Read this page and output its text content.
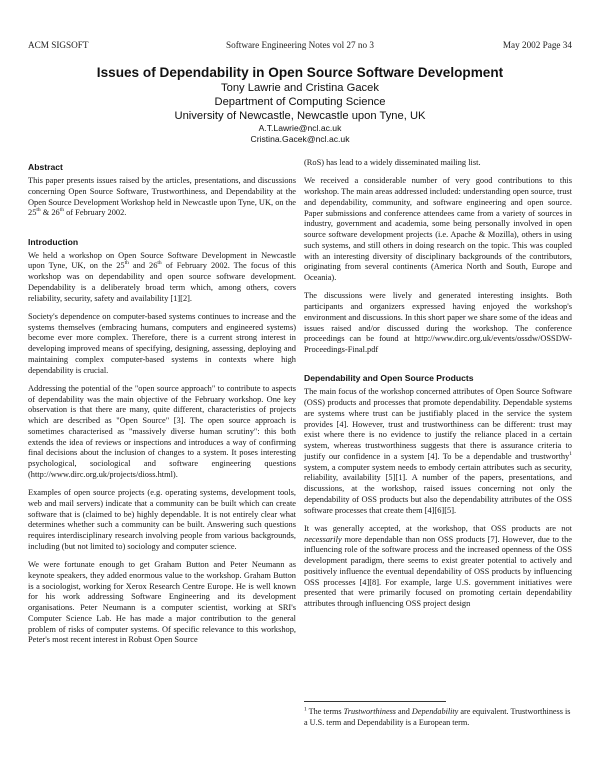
ACM SIGSOFT	Software Engineering Notes vol 27 no 3	May 2002 Page 34
Issues of Dependability in Open Source Software Development
Tony Lawrie and Cristina Gacek
Department of Computing Science
University of Newcastle, Newcastle upon Tyne, UK
A.T.Lawrie@ncl.ac.uk
Cristina.Gacek@ncl.ac.uk
Abstract

This paper presents issues raised by the articles, presentations, and discussions concerning Open Source Software, Trustworthiness, and Dependability at the Open Source Development Workshop held in Newcastle upon Tyne, UK, on the 25th & 26th of February 2002.

Introduction

We held a workshop on Open Source Software Development in Newcastle upon Tyne, UK, on the 25th and 26th of February 2002. The focus of this workshop was on dependability and open source software development. Dependability is a deliberately broad term which, among others, covers reliability, security, safety and availability [1][2].

Society's dependence on computer-based systems continues to increase and the systems themselves (embracing humans, computers and engineered systems) become ever more complex. Therefore, there is a current strong interest in developing improved means of specifying, designing, assessing, deploying and maintaining complex computer-based systems in contexts where high dependability is crucial.

Addressing the potential of the "open source approach" to contribute to aspects of dependability was the main objective of the February workshop. One key observation is that there are many, quite different, characteristics of projects which are described as "Open Source" [3]. The open source approach is sometimes characterised as "massively diverse human scrutiny": this both extends the idea of reviews or inspections and introduces a way of confirming final decisions about the inclusion of changes to a system. It poses interesting psychological, sociological and software engineering questions (http://www.dirc.org.uk/projects/dioss.html).

Examples of open source projects (e.g. operating systems, development tools, web and mail servers) indicate that a community can be built which can create software that is (claimed to be) highly dependable. It is not entirely clear what determines whether such a community can be built. Answering such questions requires interdisciplinary research involving people from various backgrounds, including (but not limited to) sociology and computer science.

We were fortunate enough to get Graham Button and Peter Neumann as keynote speakers, they added enormous value to the workshop. Graham Button is a sociologist, working for Xerox Research Centre Europe. He is well known for his work addressing Software Engineering and its development organisations. Peter Neumann is a computer scientist, working at SRI's Computer Science Lab. He has made a major contribution to the general problem of risks of computer systems. Of specific relevance to this workshop, Peter's most recent interest in Robust Open Source

(RoS) has lead to a widely disseminated mailing list.

We received a considerable number of very good contributions to this workshop. The main areas addressed included: understanding open source, trust and dependability, community, and software engineering and open source. Paper submissions and conference attendees came from a variety of sources in industry, government and academia, some being personally involved in open source software development projects (i.e. Apache & Mozilla), others in using such systems, and still others in doing research on the topic. This was coupled with an interesting diversity of disciplinary backgrounds of the contributors, originating from several continents (America North and South, Europe and Oceania).

The discussions were lively and generated interesting insights. Both participants and organizers expressed having enjoyed the workshop's environment and discussions. In this short paper we share some of the ideas and issues raised and/or discussed during the workshop. The conference proceedings can be found at http://www.dirc.org.uk/events/ossdw/OSSDW-Proceedings-Final.pdf

Dependability and Open Source Products

The main focus of the workshop concerned attributes of Open Source Software (OSS) products and processes that promote dependability. Dependable systems are systems where trust can be justifiably placed in the service the system provides [4]. However, trust and trustworthiness can be different: trust may exist where there is no evidence to justify the reliance placed in a certain system, whereas trustworthiness suggests that there is assurance criteria to justify our confidence in a system [4]. To be a dependable and trustworthy$^1$ system, a computer system needs to embody certain attributes such as security, reliability, availability [5][1]. A number of the papers, presentations, and discussions, at the workshop, raised issues concerning not only the dependability of OSS products but also the dependability attributes of the OSS software processes that create them [4][6][5].

It was generally accepted, at the workshop, that OSS products are not necessarily more dependable than non OSS products [7]. However, due to the influencing role of the software process and the increased openness of the OSS development paradigm, there seems to exist greater potential to actively and positively influence the eventual dependability of OSS products by influencing OSS processes [4][8]. For example, large U.S. government initiatives were presented that were primarily focused on promoting certain dependability attributes through influencing OSS project design

$^1$ The terms Trustworthiness and Dependability are equivalent. Trustworthiness is a U.S. term and Dependability is a European term.
